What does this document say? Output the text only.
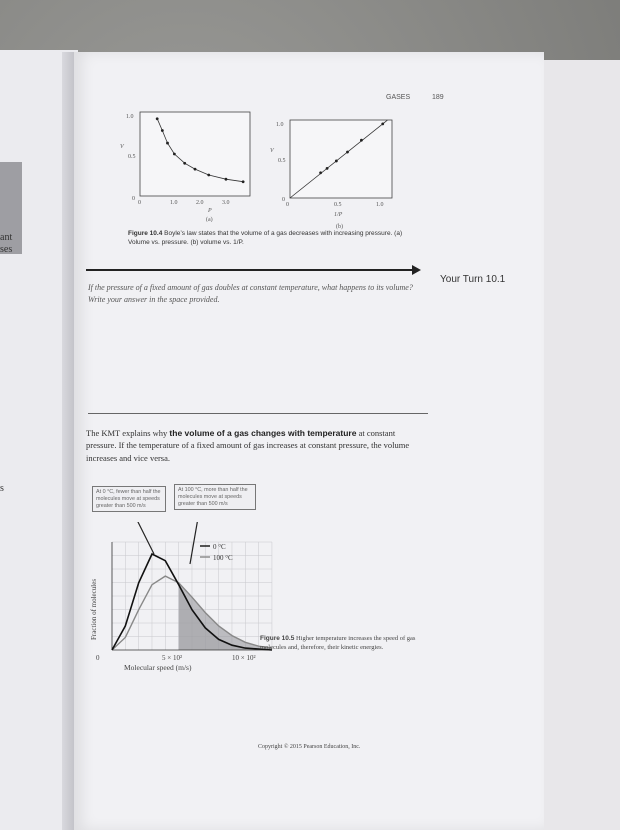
ant
ses
s
GASES	189
1.0
0.5
0
V
0	1.0	2.0	3.0
P
(a)
1.0
0.5
0
V
0	0.5	1.0
1/P
(b)
Figure 10.4 Boyle’s law states that the volume of a gas decreases with increasing pressure. (a) Volume vs. pressure. (b) volume vs. 1/P.
Your Turn 10.1
If the pressure of a fixed amount of gas doubles at constant temperature, what happens to its volume? Write your answer in the space provided.
The KMT explains why the volume of a gas changes with temperature at constant pressure. If the temperature of a fixed amount of gas increases at constant pressure, the volume increases and vice versa.
At 0 °C, fewer than half the molecules move at speeds greater than 500 m/s
At 100 °C, more than half the molecules move at speeds greater than 500 m/s
0 °C
100 °C
Fraction of molecules
0	5 × 10²	10 × 10²
Molecular speed (m/s)
Figure 10.5 Higher temperature increases the speed of gas molecules and, therefore, their kinetic energies.
Copyright © 2015 Pearson Education, Inc.
